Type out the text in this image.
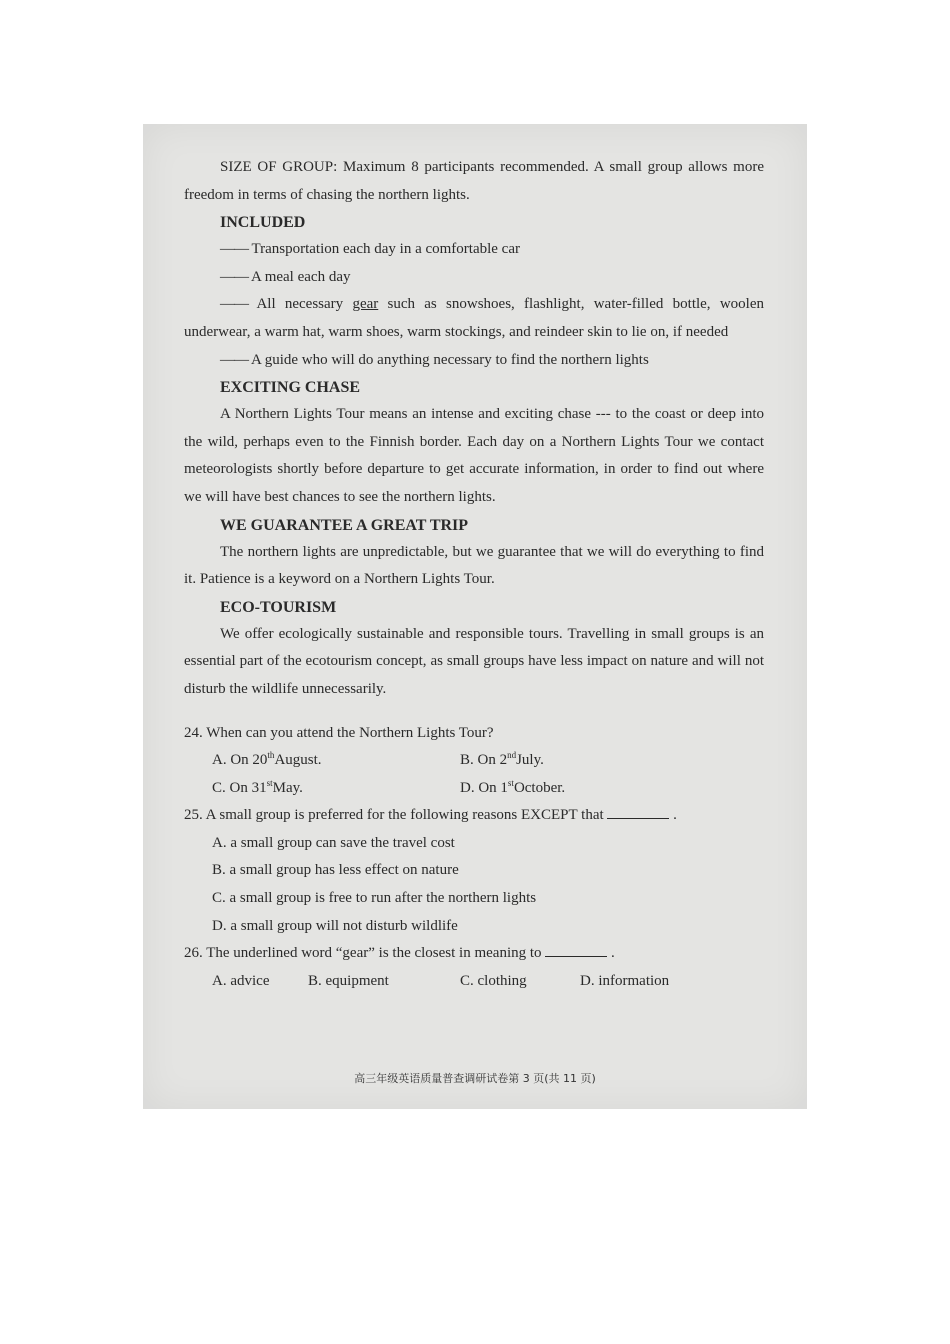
SIZE OF GROUP: Maximum 8 participants recommended. A small group allows more freedom in terms of chasing the northern lights.

INCLUDED

—— Transportation each day in a comfortable car

—— A meal each day

—— All necessary gear such as snowshoes, flashlight, water-filled bottle, woolen underwear, a warm hat, warm shoes, warm stockings, and reindeer skin to lie on, if needed

—— A guide who will do anything necessary to find the northern lights

EXCITING CHASE

A Northern Lights Tour means an intense and exciting chase --- to the coast or deep into the wild, perhaps even to the Finnish border. Each day on a Northern Lights Tour we contact meteorologists shortly before departure to get accurate information, in order to find out where we will have best chances to see the northern lights.

WE GUARANTEE A GREAT TRIP

The northern lights are unpredictable, but we guarantee that we will do everything to find it. Patience is a keyword on a Northern Lights Tour.

ECO-TOURISM

We offer ecologically sustainable and responsible tours. Travelling in small groups is an essential part of the ecotourism concept, as small groups have less impact on nature and will not disturb the wildlife unnecessarily.

24. When can you attend the Northern Lights Tour?

A. On 20thAugust.	B. On 2ndJuly.
C. On 31stMay.	D. On 1stOctober.

25. A small group is preferred for the following reasons EXCEPT that	.

A. a small group can save the travel cost

B. a small group has less effect on nature

C. a small group is free to run after the northern lights

D. a small group will not disturb wildlife

26. The underlined word “gear” is the closest in meaning to	.

A. advice	B. equipment	C. clothing	D. information
高三年级英语质量普查调研试卷第 3 页(共 11 页)
